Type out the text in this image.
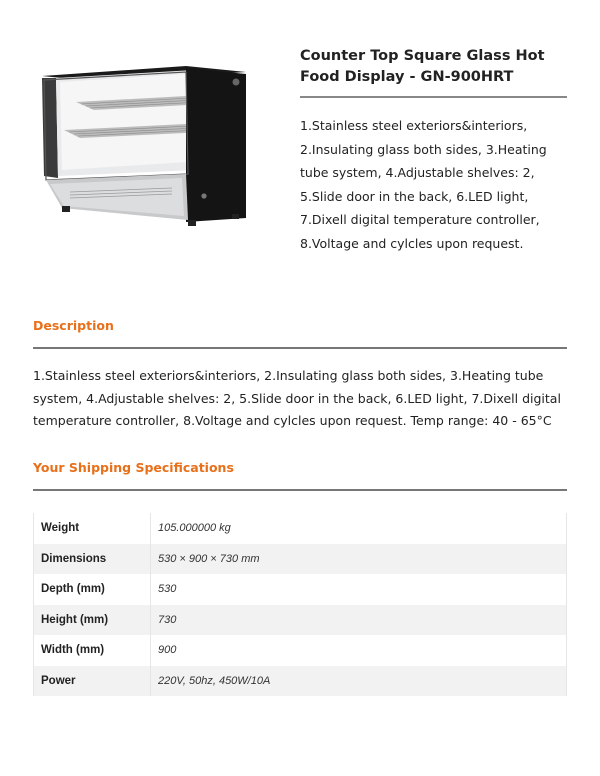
Counter Top Square Glass Hot Food Display - GN-900HRT
1.Stainless steel exteriors&interiors, 2.Insulating glass both sides, 3.Heating tube system, 4.Adjustable shelves: 2, 5.Slide door in the back, 6.LED light, 7.Dixell digital temperature controller, 8.Voltage and cylcles upon request.
Description
1.Stainless steel exteriors&interiors, 2.Insulating glass both sides, 3.Heating tube system, 4.Adjustable shelves: 2, 5.Slide door in the back, 6.LED light, 7.Dixell digital temperature controller, 8.Voltage and cylcles upon request. Temp range: 40 - 65°C
Your Shipping Specifications
Weight	105.000000 kg
Dimensions	530 × 900 × 730 mm
Depth (mm)	530
Height (mm)	730
Width (mm)	900
Power	220V, 50hz, 450W/10A
